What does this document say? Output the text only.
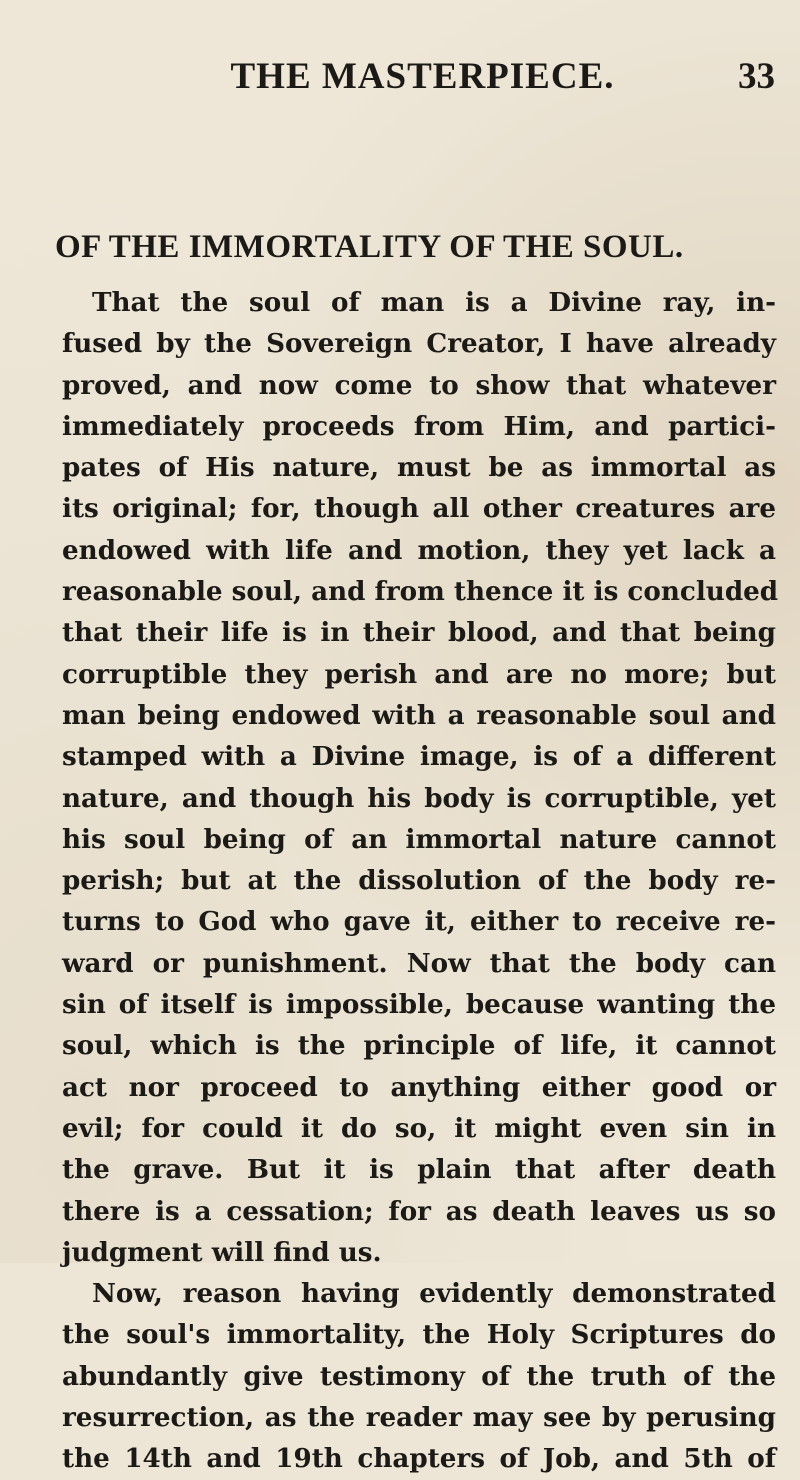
THE MASTERPIECE.	33
OF THE IMMORTALITY OF THE SOUL.
That the soul of man is a Divine ray, in-
fused by the Sovereign Creator, I have already
proved, and now come to show that whatever
immediately proceeds from Him, and partici-
pates of His nature, must be as immortal as
its original; for, though all other creatures are
endowed with life and motion, they yet lack a
reasonable soul, and from thence it is concluded
that their life is in their blood, and that being
corruptible they perish and are no more; but
man being endowed with a reasonable soul and
stamped with a Divine image, is of a different
nature, and though his body is corruptible, yet
his soul being of an immortal nature cannot
perish; but at the dissolution of the body re-
turns to God who gave it, either to receive re-
ward or punishment. Now that the body can
sin of itself is impossible, because wanting the
soul, which is the principle of life, it cannot
act nor proceed to anything either good or
evil; for could it do so, it might even sin in
the grave. But it is plain that after death
there is a cessation; for as death leaves us so
judgment will find us.
Now, reason having evidently demonstrated
the soul's immortality, the Holy Scriptures do
abundantly give testimony of the truth of the
resurrection, as the reader may see by perusing
the 14th and 19th chapters of Job, and 5th of
